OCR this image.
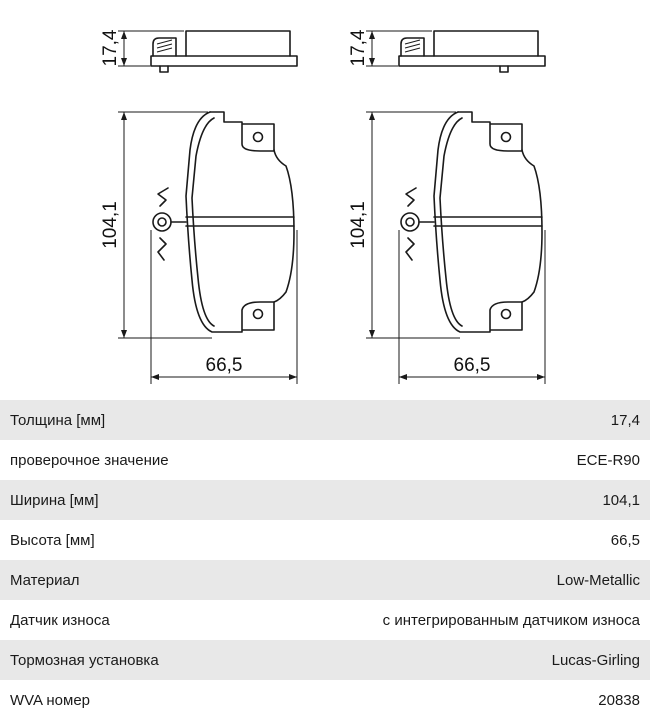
17,4
104,1
66,5
17,4
104,1
66,5
Толщина [мм]	17,4
проверочное значение	ECE-R90
Ширина [мм]	104,1
Высота [мм]	66,5
Материал	Low-Metallic
Датчик износа	с интегрированным датчиком износа
Тормозная установка	Lucas-Girling
WVA номер	20838
